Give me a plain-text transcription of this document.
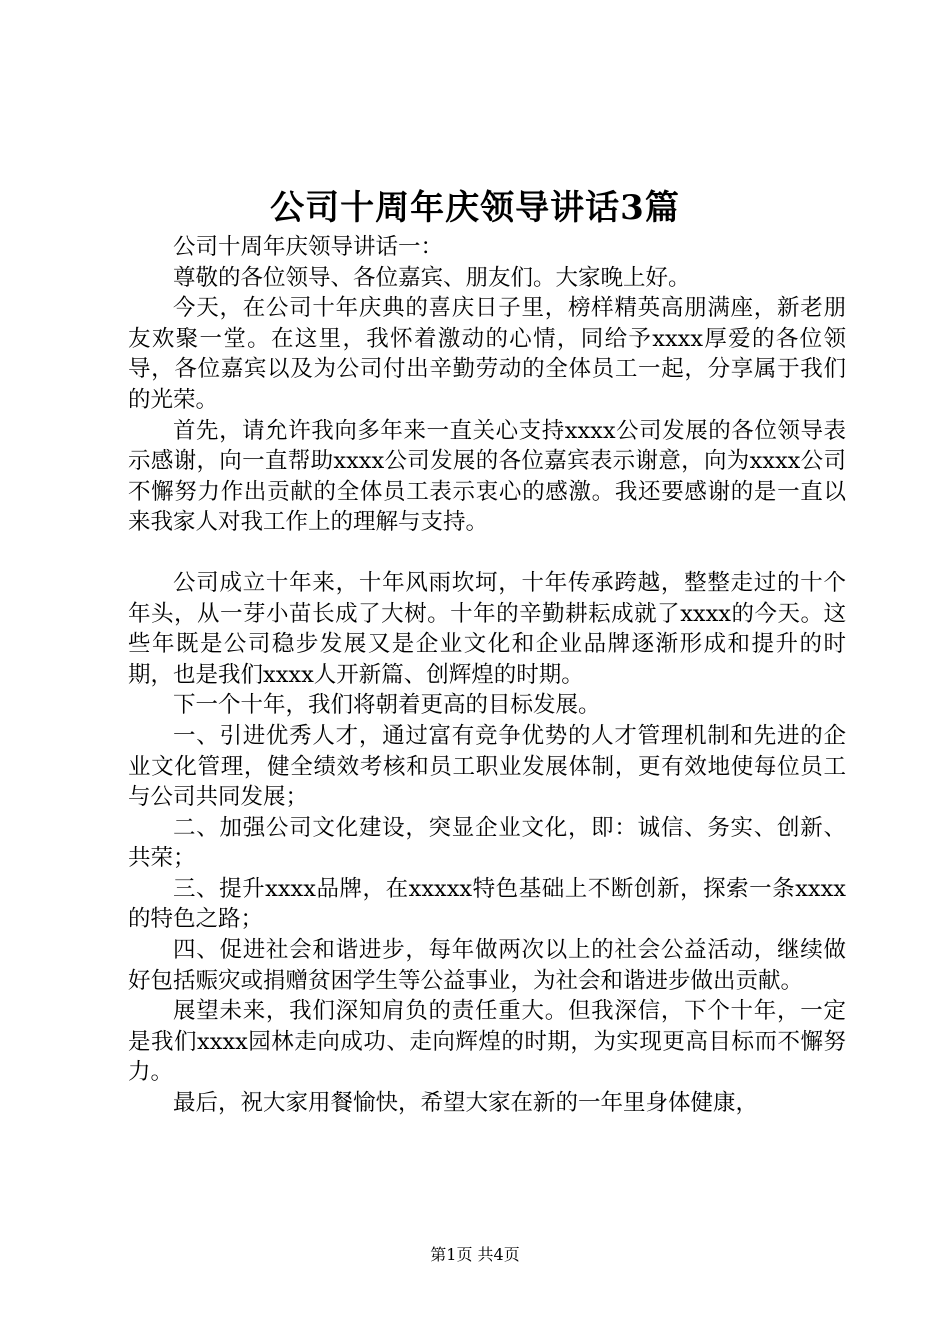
公司十周年庆领导讲话3篇

公司十周年庆领导讲话一：

尊敬的各位领导、各位嘉宾、朋友们。大家晚上好。

今天，在公司十年庆典的喜庆日子里，榜样精英高朋满座，新老朋友欢聚一堂。在这里，我怀着激动的心情，同给予xxxx厚爱的各位领导，各位嘉宾以及为公司付出辛勤劳动的全体员工一起，分享属于我们的光荣。

首先，请允许我向多年来一直关心支持xxxx公司发展的各位领导表示感谢，向一直帮助xxxx公司发展的各位嘉宾表示谢意，向为xxxx公司不懈努力作出贡献的全体员工表示衷心的感激。我还要感谢的是一直以来我家人对我工作上的理解与支持。

公司成立十年来，十年风雨坎坷，十年传承跨越，整整走过的十个年头，从一芽小苗长成了大树。十年的辛勤耕耘成就了xxxx的今天。这些年既是公司稳步发展又是企业文化和企业品牌逐渐形成和提升的时期，也是我们xxxx人开新篇、创辉煌的时期。

下一个十年，我们将朝着更高的目标发展。

一、引进优秀人才，通过富有竞争优势的人才管理机制和先进的企业文化管理，健全绩效考核和员工职业发展体制，更有效地使每位员工与公司共同发展；

二、加强公司文化建设，突显企业文化，即：诚信、务实、创新、共荣；

三、提升xxxx品牌，在xxxxx特色基础上不断创新，探索一条xxxx的特色之路；

四、促进社会和谐进步，每年做两次以上的社会公益活动，继续做好包括赈灾或捐赠贫困学生等公益事业，为社会和谐进步做出贡献。

展望未来，我们深知肩负的责任重大。但我深信，下个十年，一定是我们xxxx园林走向成功、走向辉煌的时期，为实现更高目标而不懈努力。

最后，祝大家用餐愉快，希望大家在新的一年里身体健康，

第1页 共4页
